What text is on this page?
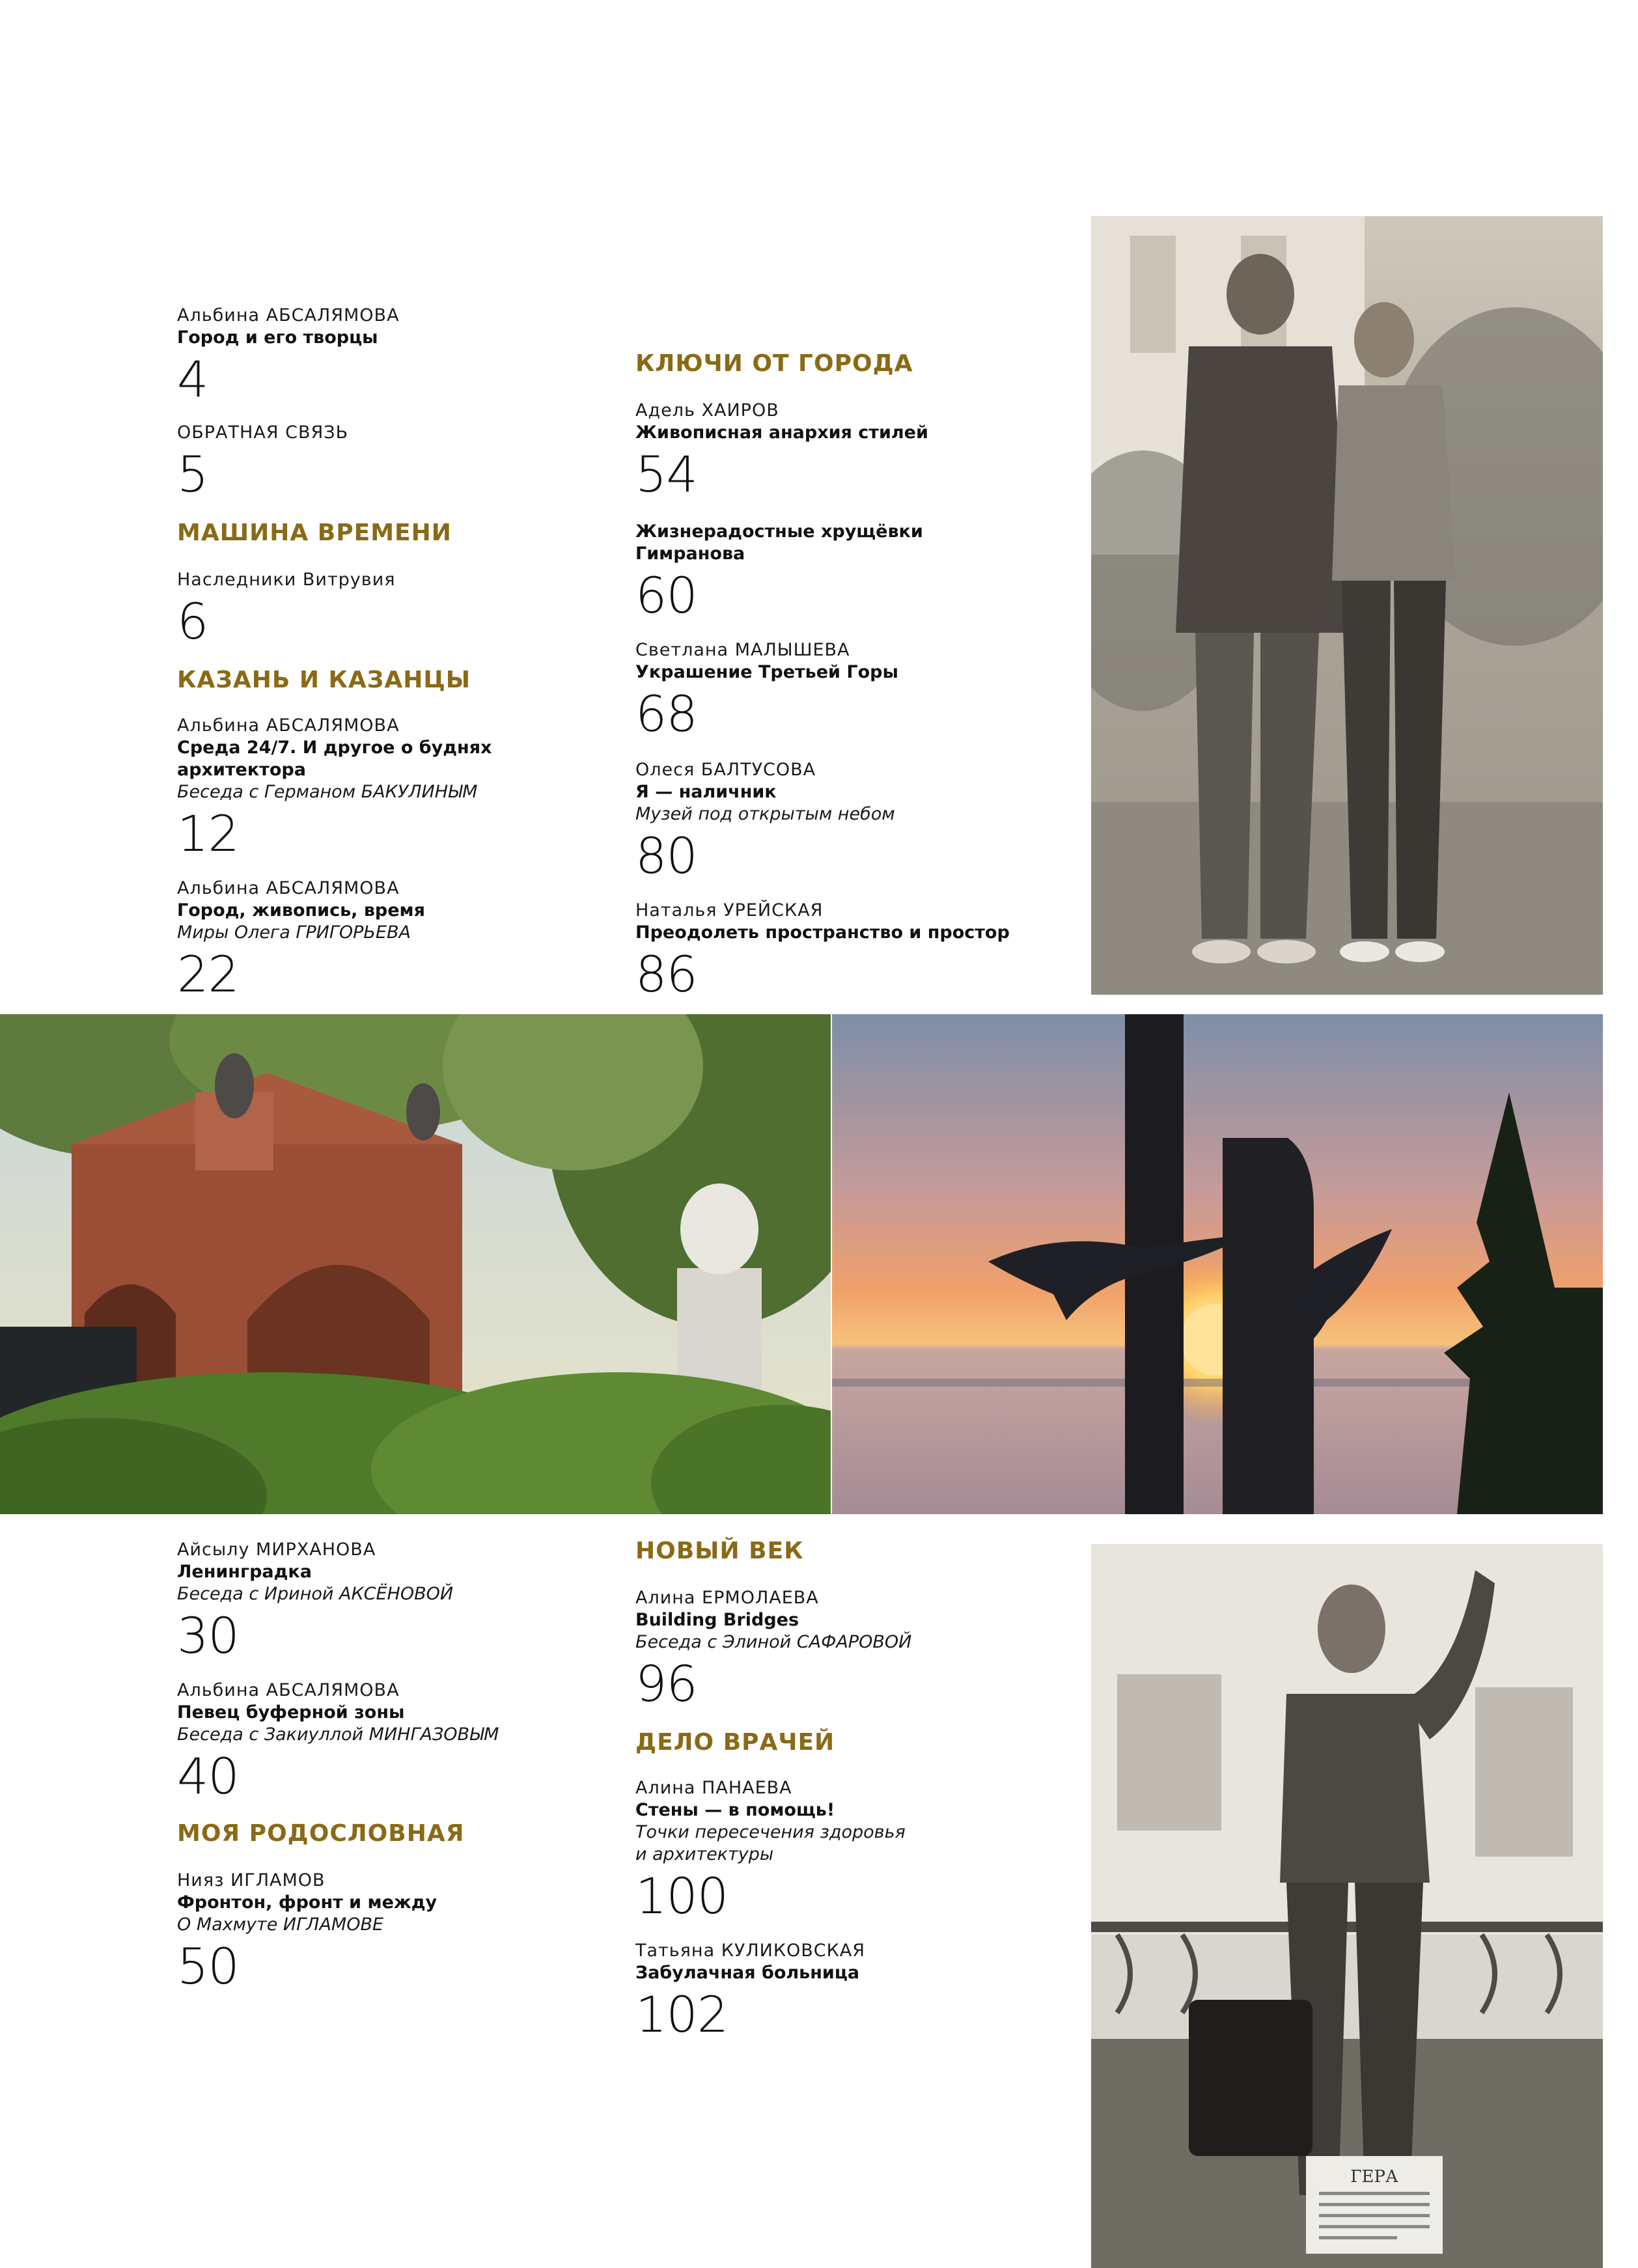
Альбина АБСАЛЯМОВА
Город и его творцы
4
ОБРАТНАЯ СВЯЗЬ
5
МАШИНА ВРЕМЕНИ
Наследники Витрувия
6
КАЗАНЬ И КАЗАНЦЫ
Альбина АБСАЛЯМОВА
Среда 24/7. И другое о буднях
архитектора
Беседа с Германом БАКУЛИНЫМ
12
Альбина АБСАЛЯМОВА
Город, живопись, время
Миры Олега ГРИГОРЬЕВА
22
КЛЮЧИ ОТ ГОРОДА
Адель ХАИРОВ
Живописная анархия стилей
54
Жизнерадостные хрущёвки
Гимранова
60
Светлана МАЛЫШЕВА
Украшение Третьей Горы
68
Олеся БАЛТУСОВА
Я — наличник
Музей под открытым небом
80
Наталья УРЕЙСКАЯ
Преодолеть пространство и простор
86
Айсылу МИРХАНОВА
Ленинградка
Беседа с Ириной АКСЁНОВОЙ
30
Альбина АБСАЛЯМОВА
Певец буферной зоны
Беседа с Закиуллой МИНГАЗОВЫМ
40
МОЯ РОДОСЛОВНАЯ
Нияз ИГЛАМОВ
Фронтон, фронт и между
О Махмуте ИГЛАМОВЕ
50
НОВЫЙ ВЕК
Алина ЕРМОЛАЕВА
Building Bridges
Беседа с Элиной САФАРОВОЙ
96
ДЕЛО ВРАЧЕЙ
Алина ПАНАЕВА
Стены — в помощь!
Точки пересечения здоровья
и архитектуры
100
Татьяна КУЛИКОВСКАЯ
Забулачная больница
102
ГЕРА
